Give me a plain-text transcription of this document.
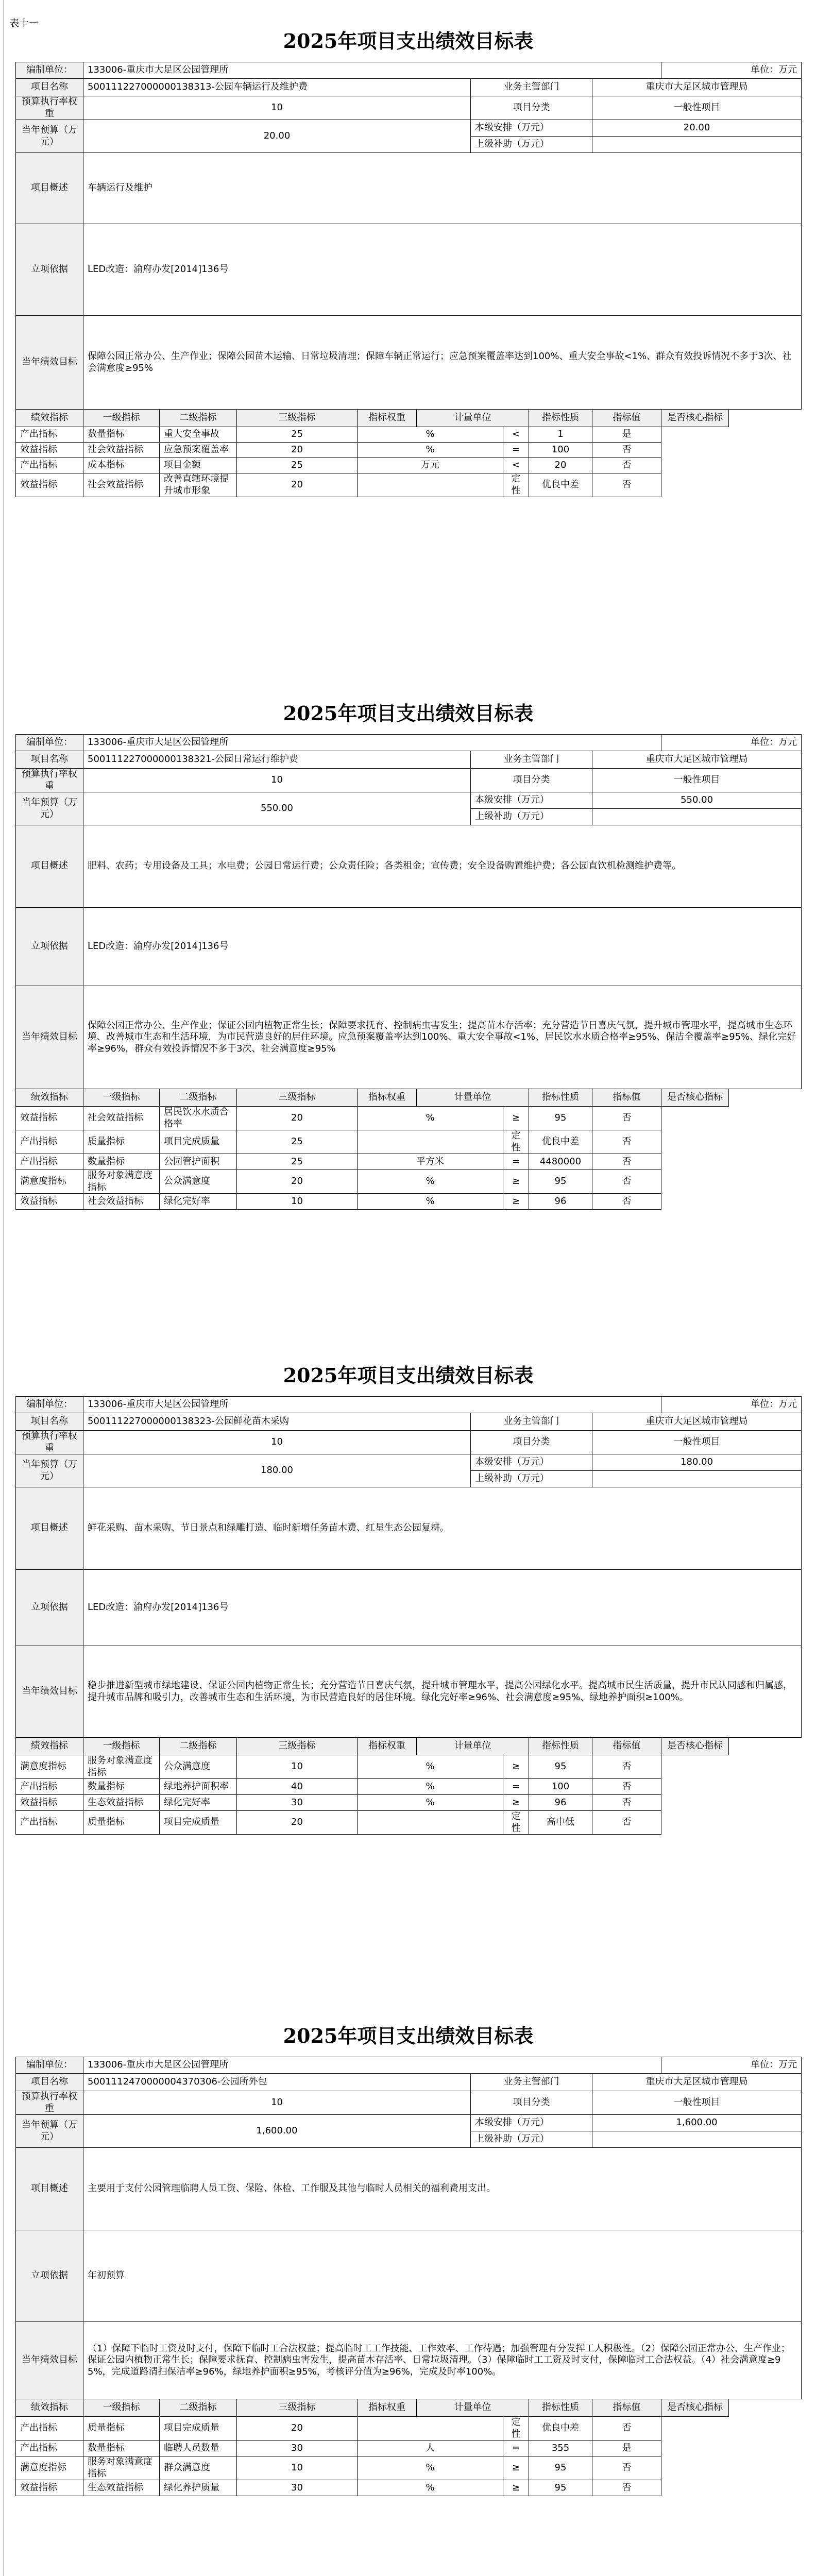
表十一
2025年项目支出绩效目标表
编制单位：	133006-重庆市大足区公园管理所									单位：万元
项目名称	500111227000000138313-公园车辆运行及维护费					业务主管部门			重庆市大足区城市管理局	
预算执行率权重	10					项目分类			一般性项目	
当年预算（万元）	20.00					本级安排（万元）			20.00	
						上级补助（万元）				
项目概述	车辆运行及维护									
立项依据	LED改造：渝府办发[2014]136号									
当年绩效目标	保障公园正常办公、生产作业；保障公园苗木运输、日常垃圾清理；保障车辆正常运行；应急预案覆盖率达到100%、重大安全事故<1%、群众有效投诉情况不多于3次、社会满意度≥95%									
绩效指标	一级指标	二级指标	三级指标	指标权重	计量单位			指标性质	指标值	是否核心指标
产出指标	数量指标	重大安全事故	25	%			<	1	是	
效益指标	社会效益指标	应急预案覆盖率	20	%			=	100	否	
产出指标	成本指标	项目金额	25	万元			<	20	否	
效益指标	社会效益指标	改善直辖环境提升城市形象	20				定性	优良中差	否	
2025年项目支出绩效目标表
编制单位：	133006-重庆市大足区公园管理所									单位：万元
项目名称	500111227000000138321-公园日常运行维护费					业务主管部门			重庆市大足区城市管理局	
预算执行率权重	10					项目分类			一般性项目	
当年预算（万元）	550.00					本级安排（万元）			550.00	
						上级补助（万元）				
项目概述	肥料、农药；专用设备及工具；水电费；公园日常运行费；公众责任险；各类租金；宣传费；安全设备购置维护费；各公园直饮机检测维护费等。									
立项依据	LED改造：渝府办发[2014]136号									
当年绩效目标	保障公园正常办公、生产作业；保证公园内植物正常生长；保障要求抚育、控制病虫害发生；提高苗木存活率；充分营造节日喜庆气氛，提升城市管理水平，提高城市生态环境、改善城市生态和生活环境，为市民营造良好的居住环境。应急预案覆盖率达到100%、重大安全事故<1%、居民饮水水质合格率≥95%、保洁全覆盖率≥95%、绿化完好率≥96%，群众有效投诉情况不多于3次、社会满意度≥95%									
绩效指标	一级指标	二级指标	三级指标	指标权重	计量单位			指标性质	指标值	是否核心指标
效益指标	社会效益指标	居民饮水水质合格率	20	%			≥	95	否	
产出指标	质量指标	项目完成质量	25				定性	优良中差	否	
产出指标	数量指标	公园管护面积	25	平方米			=	4480000	否	
满意度指标	服务对象满意度指标	公众满意度	20	%			≥	95	否	
效益指标	社会效益指标	绿化完好率	10	%			≥	96	否	
2025年项目支出绩效目标表
编制单位：	133006-重庆市大足区公园管理所									单位：万元
项目名称	500111227000000138323-公园鲜花苗木采购					业务主管部门			重庆市大足区城市管理局	
预算执行率权重	10					项目分类			一般性项目	
当年预算（万元）	180.00					本级安排（万元）			180.00	
						上级补助（万元）				
项目概述	鲜花采购、苗木采购、节日景点和绿雕打造、临时新增任务苗木费、红星生态公园复耕。									
立项依据	LED改造：渝府办发[2014]136号									
当年绩效目标	稳步推进新型城市绿地建设、保证公园内植物正常生长；充分营造节日喜庆气氛，提升城市管理水平，提高公园绿化水平。提高城市民生活质量，提升市民认同感和归属感，提升城市品牌和吸引力，改善城市生态和生活环境，为市民营造良好的居住环境。绿化完好率≥96%、社会满意度≥95%、绿地养护面积≥100%。									
绩效指标	一级指标	二级指标	三级指标	指标权重	计量单位			指标性质	指标值	是否核心指标
满意度指标	服务对象满意度指标	公众满意度	10	%			≥	95	否	
产出指标	数量指标	绿地养护面积率	40	%			=	100	否	
效益指标	生态效益指标	绿化完好率	30	%			≥	96	否	
产出指标	质量指标	项目完成质量	20				定性	高中低	否	
2025年项目支出绩效目标表
编制单位：	133006-重庆市大足区公园管理所									单位：万元
项目名称	500111247000000437030​6-公园所外包					业务主管部门			重庆市大足区城市管理局	
预算执行率权重	10					项目分类			一般性项目	
当年预算（万元）	1,600.00					本级安排（万元）			1,600.00	
						上级补助（万元）				
项目概述	主要用于支付公园管理临聘人员工资、保险、体检、工作服及其他与临时人员相关的福利费用支出。									
立项依据	年初预算									
当年绩效目标	（1）保障下临时工资及时支付，保障下临时工合法权益；提高临时工工作技能、工作效率、工作待遇；加强管理有分发挥工人积极性。（2）保障公园正常办公、生产作业；保证公园内植物正常生长；保障要求抚育、控制病虫害发生，提高苗木存活率、日常垃圾清理。（3）保障临时工工资及时支付，保障临时工合法权益。（4）社会满意度≥95%，完成道路清扫保洁率≥96%，绿地养护面积≥95%，考核评分值为≥96%，完成及时率100%。									
绩效指标	一级指标	二级指标	三级指标	指标权重	计量单位			指标性质	指标值	是否核心指标
产出指标	质量指标	项目完成质量	20				定性	优良中差	否	
产出指标	数量指标	临聘人员数量	30	人			=	355	是	
满意度指标	服务对象满意度指标	群众满意度	10	%			≥	95	否	
效益指标	生态效益指标	绿化养护质量	30	%			≥	95	否	
